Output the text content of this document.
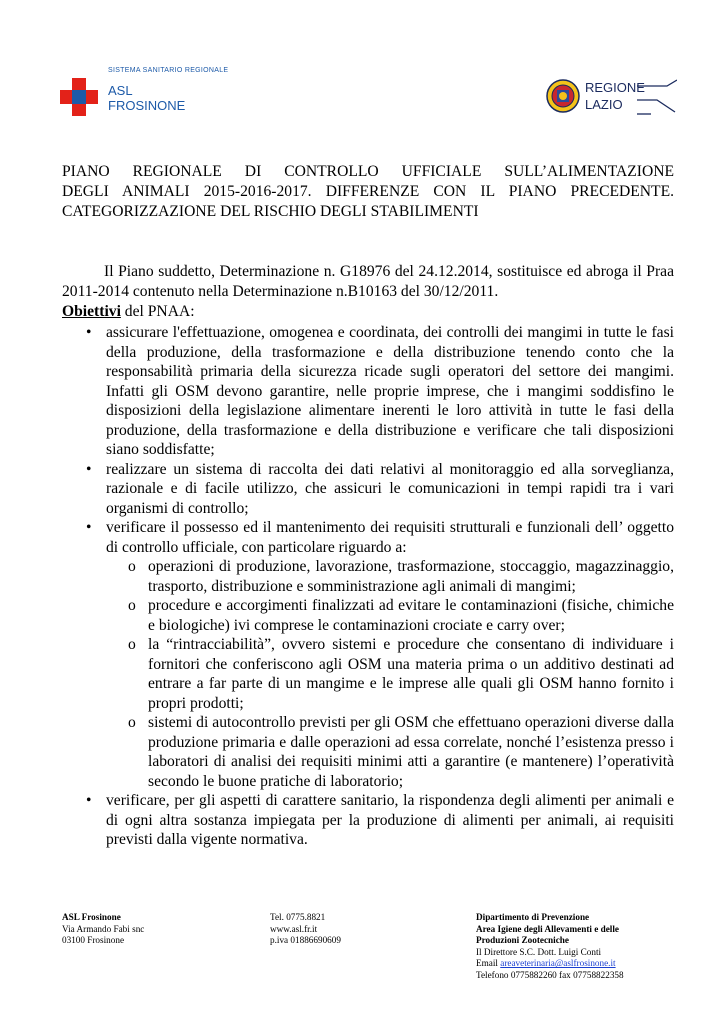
SISTEMA SANITARIO REGIONALE
ASL
FROSINONE
REGIONE
LAZIO
PIANO REGIONALE DI CONTROLLO UFFICIALE SULL’ALIMENTAZIONE
DEGLI ANIMALI 2015-2016-2017. DIFFERENZE CON IL PIANO PRECEDENTE.
CATEGORIZZAZIONE DEL RISCHIO DEGLI STABILIMENTI
Il Piano suddetto, Determinazione n. G18976 del 24.12.2014, sostituisce ed abroga il Praa 2011-2014 contenuto nella Determinazione n.B10163 del 30/12/2011.
Obiettivi del PNAA:
• assicurare l'effettuazione, omogenea e coordinata, dei controlli dei mangimi in tutte le fasi della produzione, della trasformazione e della distribuzione tenendo conto che la responsabilità primaria della sicurezza ricade sugli operatori del settore dei mangimi. Infatti gli OSM devono garantire, nelle proprie imprese, che i mangimi soddisfino le disposizioni della legislazione alimentare inerenti le loro attività in tutte le fasi della produzione, della trasformazione e della distribuzione e verificare che tali disposizioni siano soddisfatte;
• realizzare un sistema di raccolta dei dati relativi al monitoraggio ed alla sorveglianza, razionale e di facile utilizzo, che assicuri le comunicazioni in tempi rapidi tra i vari organismi di controllo;
• verificare il possesso ed il mantenimento dei requisiti strutturali e funzionali dell’ oggetto di controllo ufficiale, con particolare riguardo a:
o operazioni di produzione, lavorazione, trasformazione, stoccaggio, magazzinaggio, trasporto, distribuzione e somministrazione agli animali di mangimi;
o procedure e accorgimenti finalizzati ad evitare le contaminazioni (fisiche, chimiche e biologiche) ivi comprese le contaminazioni crociate e carry over;
o la “rintracciabilità”, ovvero sistemi e procedure che consentano di individuare i fornitori che conferiscono agli OSM una materia prima o un additivo destinati ad entrare a far parte di un mangime e le imprese alle quali gli OSM hanno fornito i propri prodotti;
o sistemi di autocontrollo previsti per gli OSM che effettuano operazioni diverse dalla produzione primaria e dalle operazioni ad essa correlate, nonché l’esistenza presso i laboratori di analisi dei requisiti minimi atti a garantire (e mantenere) l’operatività secondo le buone pratiche di laboratorio;
• verificare, per gli aspetti di carattere sanitario, la rispondenza degli alimenti per animali e di ogni altra sostanza impiegata per la produzione di alimenti per animali, ai requisiti previsti dalla vigente normativa.
ASL Frosinone
Via Armando Fabi snc
03100 Frosinone
Tel. 0775.8821
www.asl.fr.it
p.iva 01886690609
Dipartimento di Prevenzione
Area Igiene degli Allevamenti e delle
Produzioni Zootecniche
Il Direttore S.C. Dott. Luigi Conti
Email areaveterinaria@aslfrosinone.it
Telefono 0775882260 fax 07758822358
